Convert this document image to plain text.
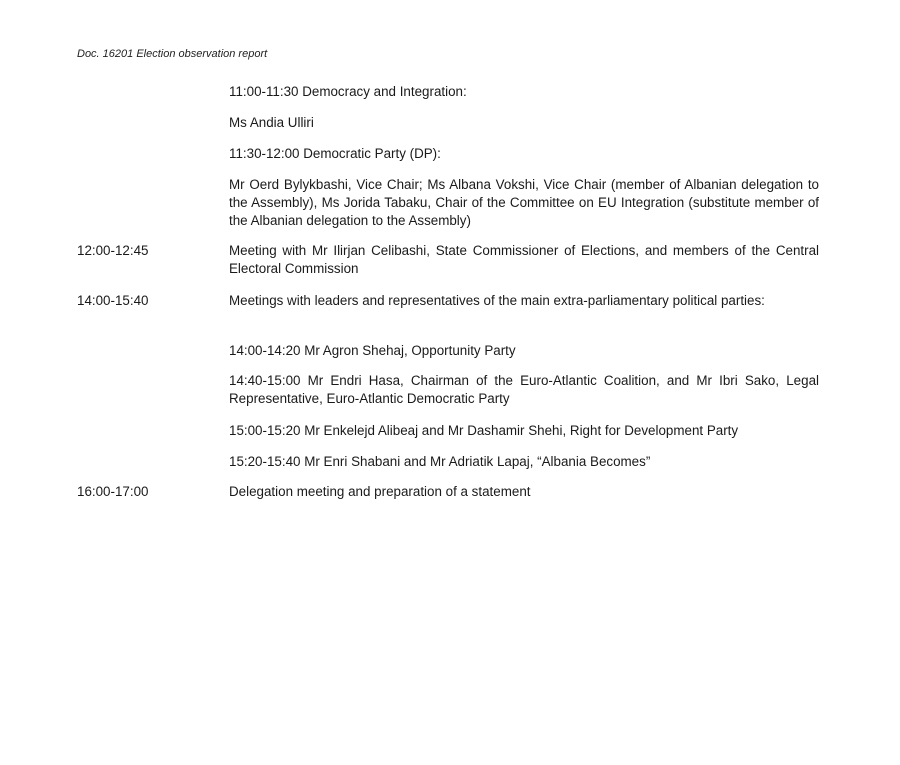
Doc. 16201 Election observation report
11:00-11:30 Democracy and Integration:
Ms Andia Ulliri
11:30-12:00 Democratic Party (DP):
Mr Oerd Bylykbashi, Vice Chair; Ms Albana Vokshi, Vice Chair (member of Albanian delegation to the Assembly), Ms Jorida Tabaku, Chair of the Committee on EU Integration (substitute member of the Albanian delegation to the Assembly)
12:00-12:45	Meeting with Mr Ilirjan Celibashi, State Commissioner of Elections, and members of the Central Electoral Commission
14:00-15:40	Meetings with leaders and representatives of the main extra-parliamentary political parties:
14:00-14:20 Mr Agron Shehaj, Opportunity Party
14:40-15:00 Mr Endri Hasa, Chairman of the Euro-Atlantic Coalition, and Mr Ibri Sako, Legal Representative, Euro-Atlantic Democratic Party
15:00-15:20 Mr Enkelejd Alibeaj and Mr Dashamir Shehi, Right for Development Party
15:20-15:40 Mr Enri Shabani and Mr Adriatik Lapaj, “Albania Becomes”
16:00-17:00	Delegation meeting and preparation of a statement
